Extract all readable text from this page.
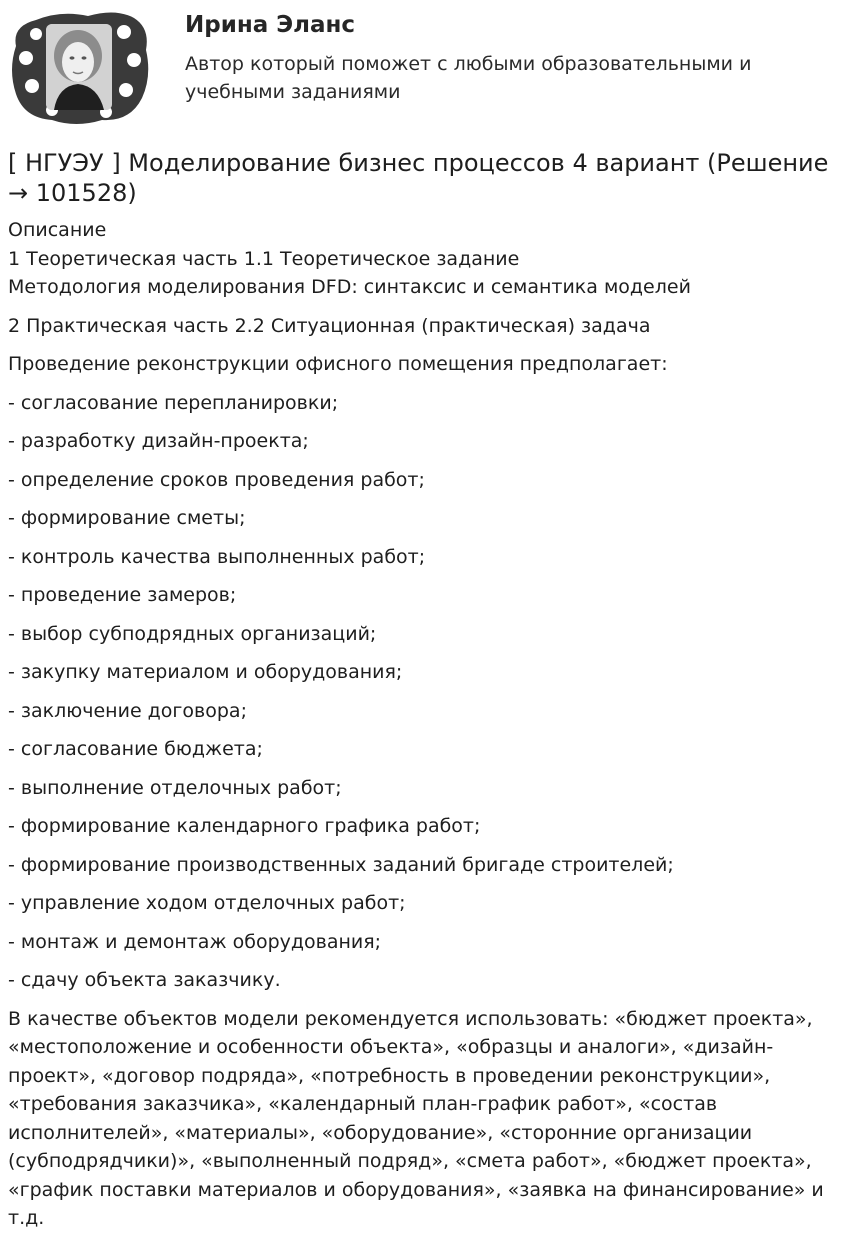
Ирина Эланс
Автор который поможет с любыми образовательными и учебными заданиями
[ НГУЭУ ] Моделирование бизнес процессов 4 вариант (Решение → 101528)

Описание

1 Теоретическая часть 1.1 Теоретическое задание

Методология моделирования DFD: синтаксис и семантика моделей

2 Практическая часть 2.2 Ситуационная (практическая) задача

Проведение реконструкции офисного помещения предполагает:

- согласование перепланировки;

- разработку дизайн-проекта;

- определение сроков проведения работ;

- формирование сметы;

- контроль качества выполненных работ;

- проведение замеров;

- выбор субподрядных организаций;

- закупку материалом и оборудования;

- заключение договора;

- согласование бюджета;

- выполнение отделочных работ;

- формирование календарного графика работ;

- формирование производственных заданий бригаде строителей;

- управление ходом отделочных работ;

- монтаж и демонтаж оборудования;

- сдачу объекта заказчику.

В качестве объектов модели рекомендуется использовать: «бюджет проекта», «местоположение и особенности объекта», «образцы и аналоги», «дизайн-проект», «договор подряда», «потребность в проведении реконструкции», «требования заказчика», «календарный план-график работ», «состав исполнителей», «материалы», «оборудование», «сторонние организации (субподрядчики)», «выполненный подряд», «смета работ», «бюджет проекта», «график поставки материалов и оборудования», «заявка на финансирование» и т.д.
